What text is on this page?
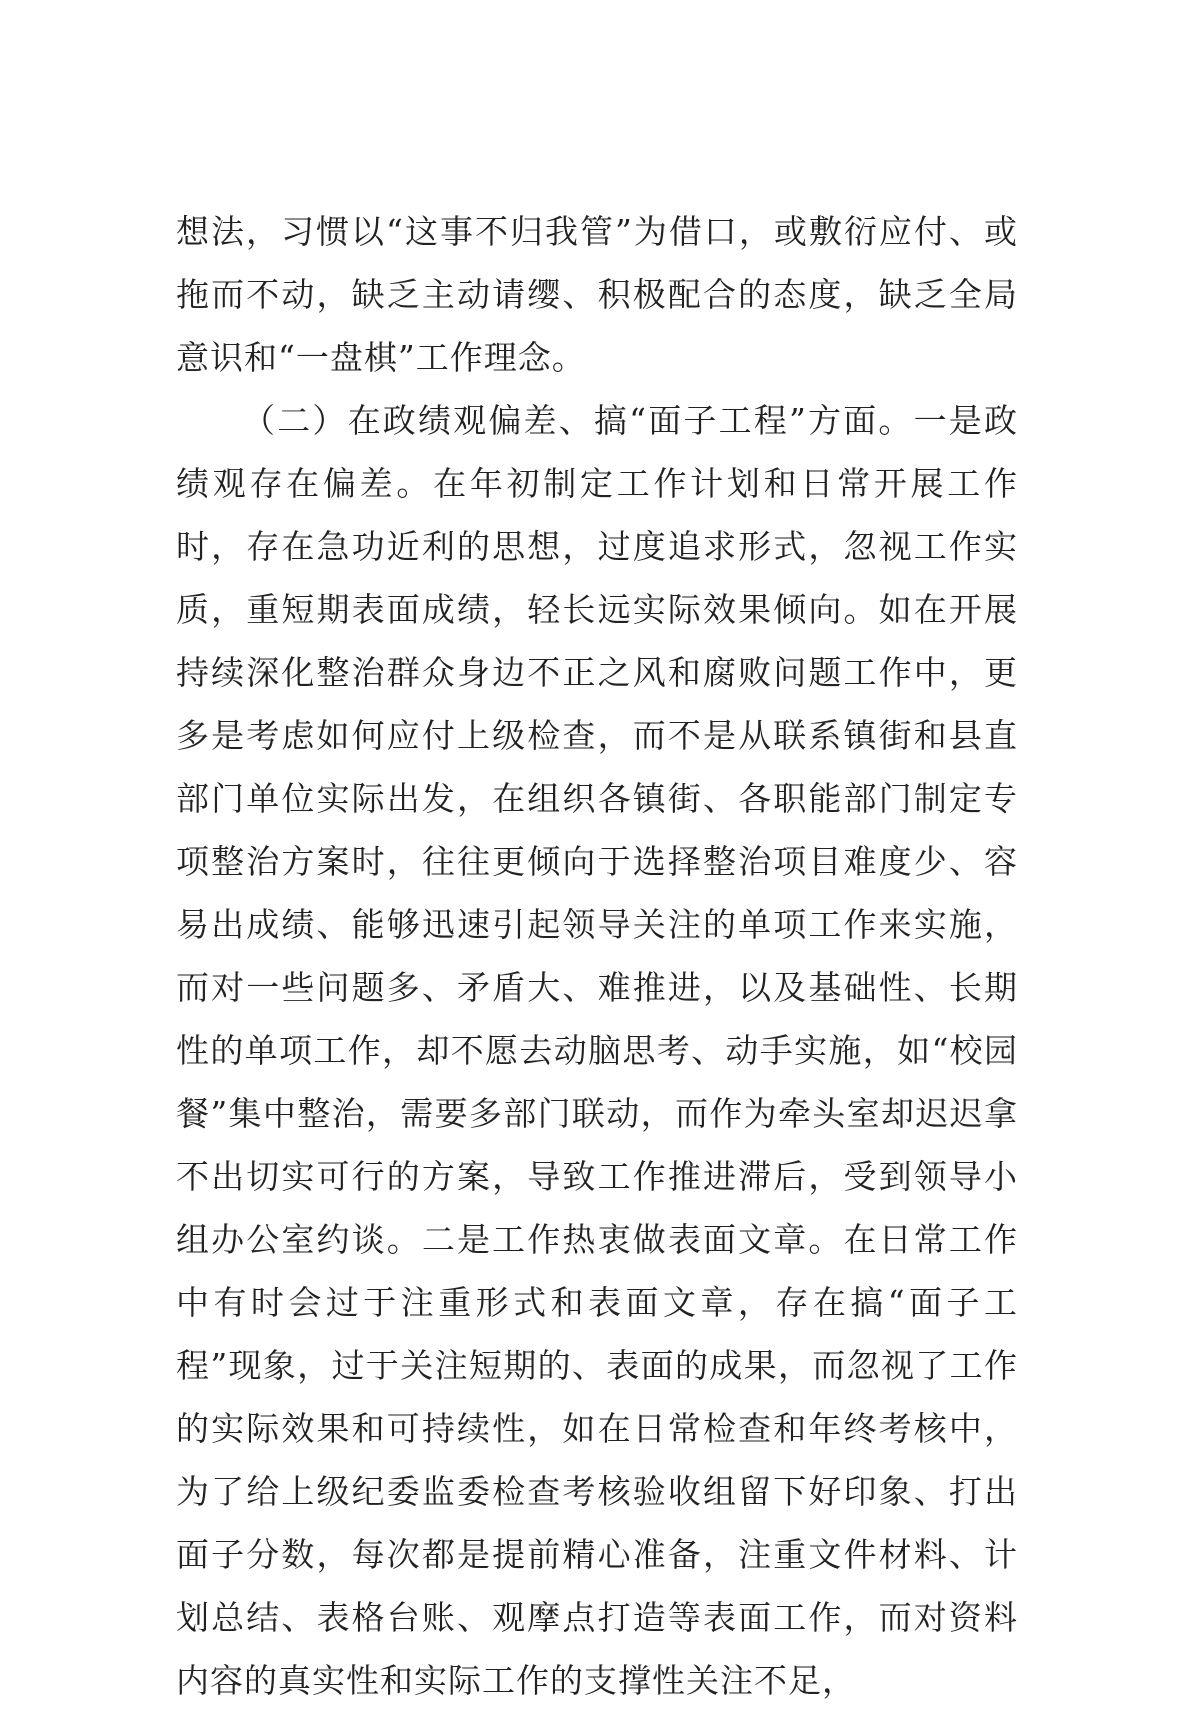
想法，习惯以“这事不归我管”为借口，或敷衍应付、或拖而不动，缺乏主动请缨、积极配合的态度，缺乏全局意识和“一盘棋”工作理念。

（二）在政绩观偏差、搞“面子工程”方面。一是政绩观存在偏差。在年初制定工作计划和日常开展工作时，存在急功近利的思想，过度追求形式，忽视工作实质，重短期表面成绩，轻长远实际效果倾向。如在开展持续深化整治群众身边不正之风和腐败问题工作中，更多是考虑如何应付上级检查，而不是从联系镇街和县直部门单位实际出发，在组织各镇街、各职能部门制定专项整治方案时，往往更倾向于选择整治项目难度少、容易出成绩、能够迅速引起领导关注的单项工作来实施，而对一些问题多、矛盾大、难推进，以及基础性、长期性的单项工作，却不愿去动脑思考、动手实施，如“校园餐”集中整治，需要多部门联动，而作为牵头室却迟迟拿不出切实可行的方案，导致工作推进滞后，受到领导小组办公室约谈。二是工作热衷做表面文章。在日常工作中有时会过于注重形式和表面文章，存在搞“面子工程”现象，过于关注短期的、表面的成果，而忽视了工作的实际效果和可持续性，如在日常检查和年终考核中，为了给上级纪委监委检查考核验收组留下好印象、打出面子分数，每次都是提前精心准备，注重文件材料、计划总结、表格台账、观摩点打造等表面工作，而对资料内容的真实性和实际工作的支撑性关注不足，
